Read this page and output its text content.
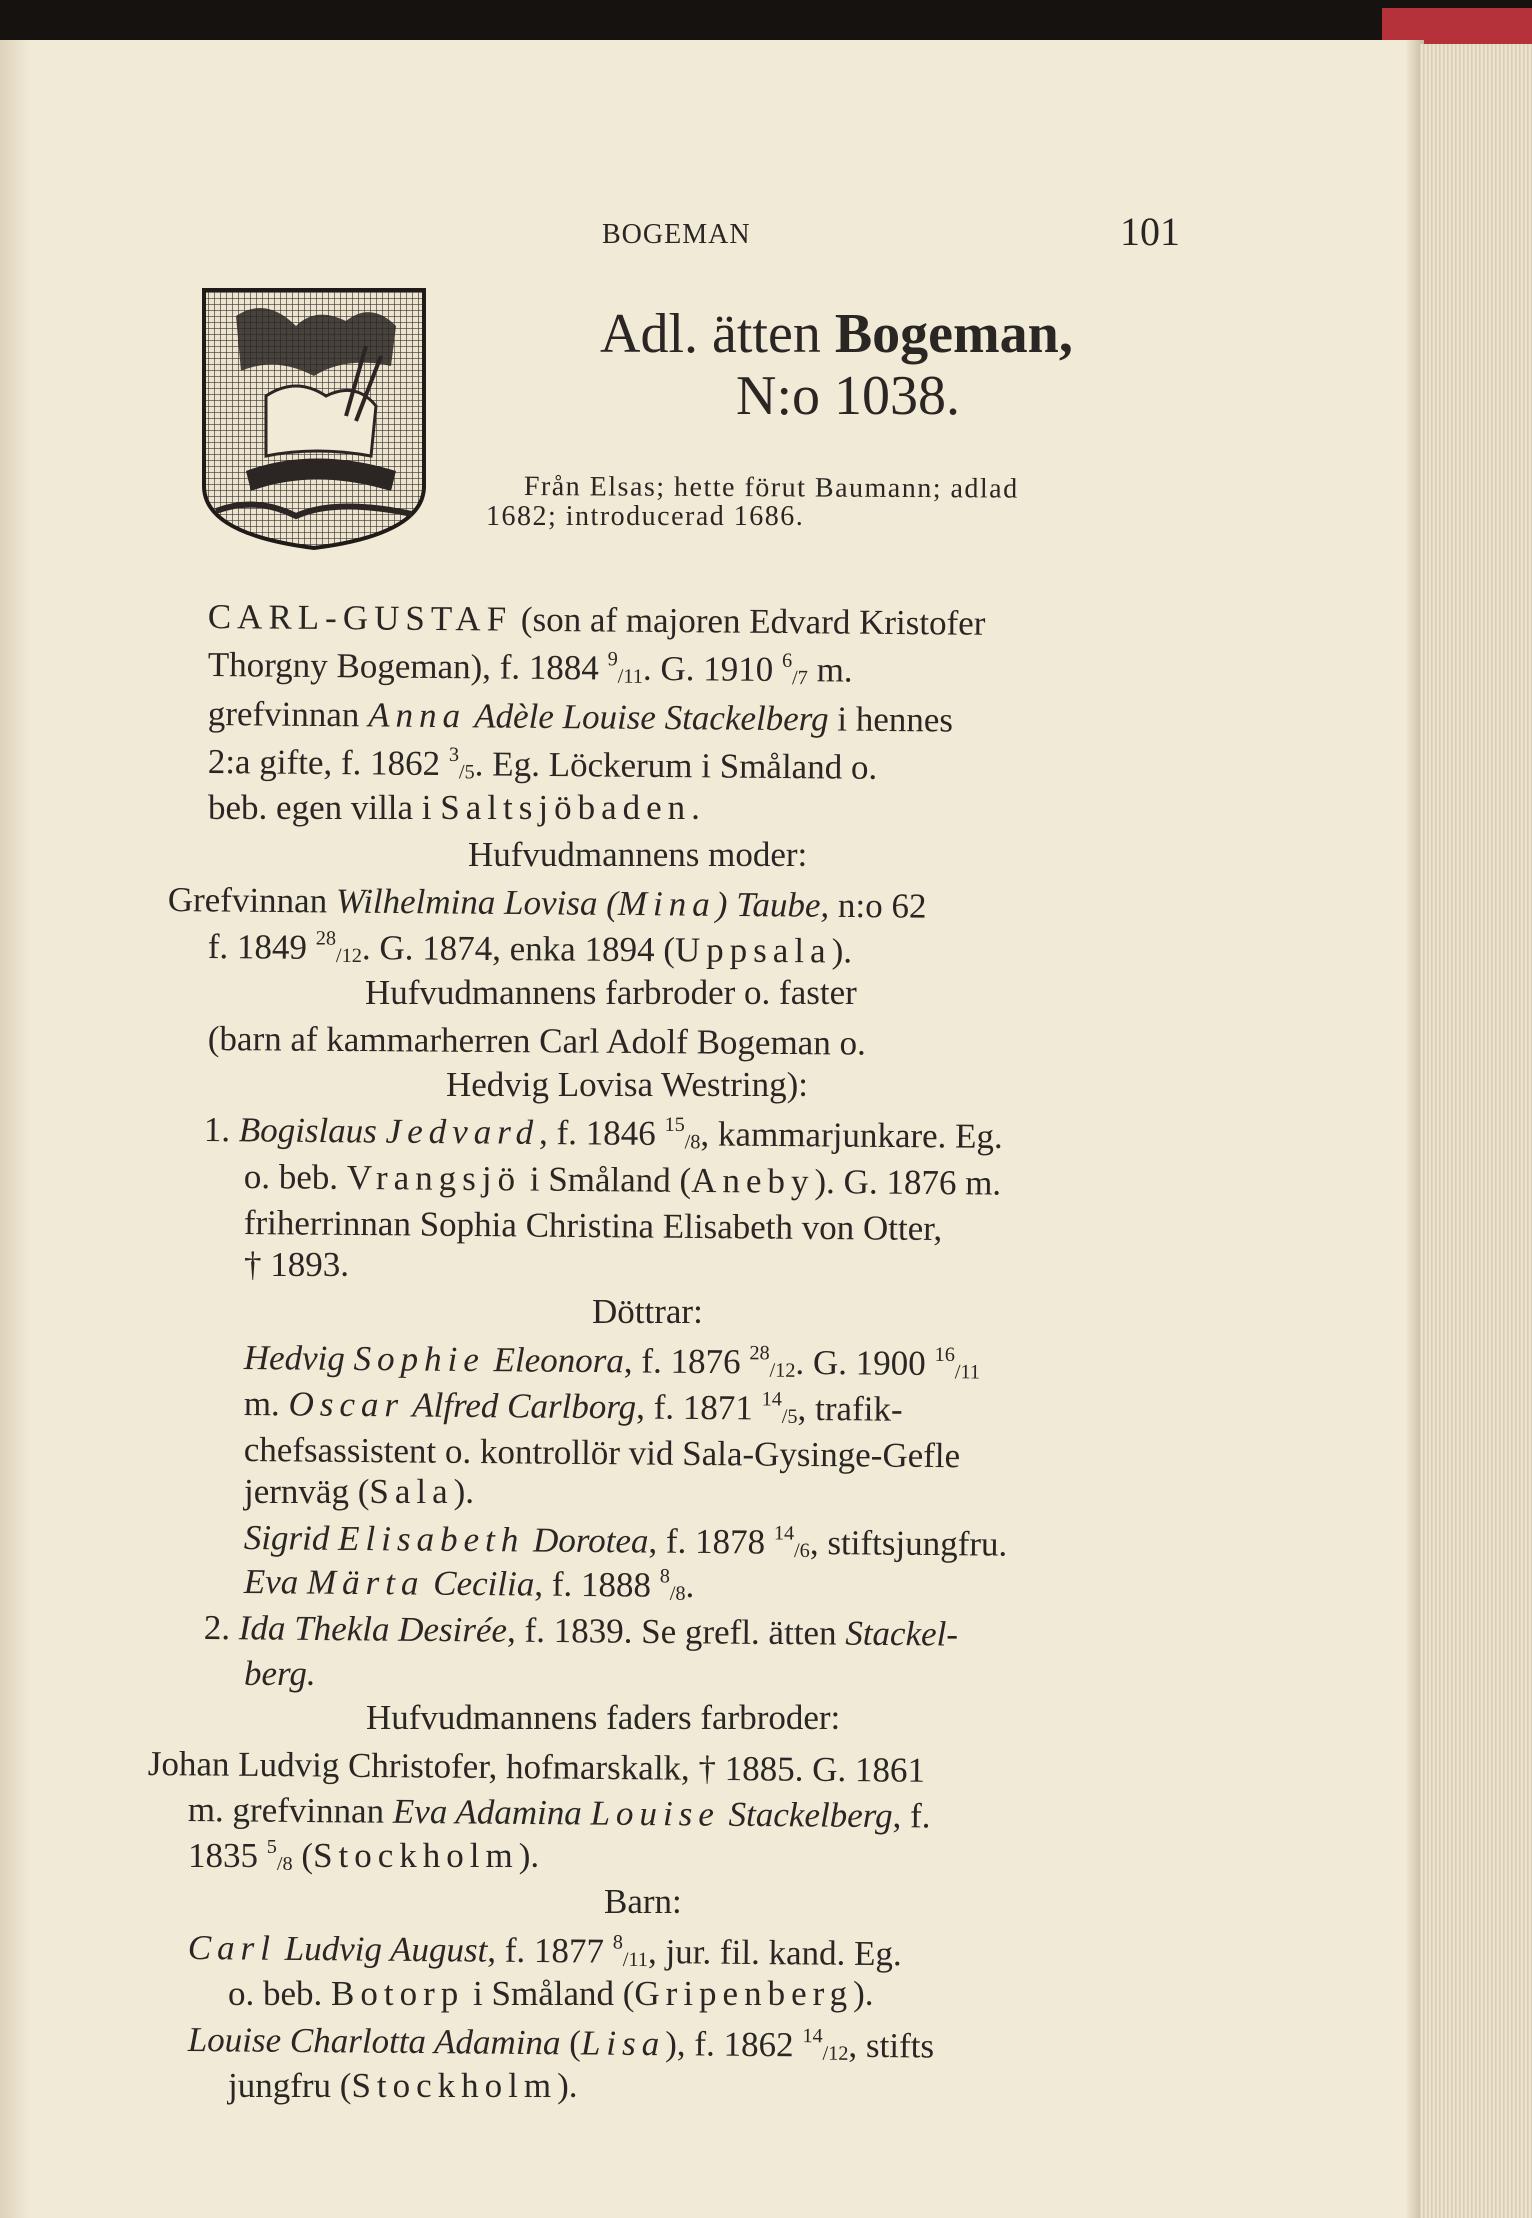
BOGEMAN	101
Adl. ätten Bogeman,
N:o 1038.
Från Elsas; hette förut Baumann; adlad
1682; introducerad 1686.
CARL-GUSTAF (son af majoren Edvard Kristofer
Thorgny Bogeman), f. 1884 $^9$/11. G. 1910 $^6$/7 m.
grefvinnan Anna Adèle Louise Stackelberg i hennes
2:a gifte, f. 1862 $^3$/5. Eg. Löckerum i Småland o.
beb. egen villa i Saltsjöbaden.
Hufvudmannens moder:
Grefvinnan Wilhelmina Lovisa (Mina) Taube, n:o 62
f. 1849 $^{28}$/12. G. 1874, enka 1894 (Uppsala).
Hufvudmannens farbroder o. faster
(barn af kammarherren Carl Adolf Bogeman o.
Hedvig Lovisa Westring):
1. Bogislaus Jedvard, f. 1846 $^{15}$/8, kammarjunkare. Eg.
o. beb. Vrangsjö i Småland (Aneby). G. 1876 m.
friherrinnan Sophia Christina Elisabeth von Otter,
† 1893.
Döttrar:
Hedvig Sophie Eleonora, f. 1876 $^{28}$/12. G. 1900 $^{16}$/11
m. Oscar Alfred Carlborg, f. 1871 $^{14}$/5, trafik-
chefsassistent o. kontrollör vid Sala-Gysinge-Gefle
jernväg (Sala).
Sigrid Elisabeth Dorotea, f. 1878 $^{14}$/6, stiftsjungfru.
Eva Märta Cecilia, f. 1888 $^8$/8.
2. Ida Thekla Desirée, f. 1839. Se grefl. ätten Stackel-
berg.
Hufvudmannens faders farbroder:
Johan Ludvig Christofer, hofmarskalk, † 1885. G. 1861
m. grefvinnan Eva Adamina Louise Stackelberg, f.
1835 $^5$/8 (Stockholm).
Barn:
Carl Ludvig August, f. 1877 $^8$/11, jur. fil. kand. Eg.
o. beb. Botorp i Småland (Gripenberg).
Louise Charlotta Adamina (Lisa), f. 1862 $^{14}$/12, stifts
jungfru (Stockholm).
